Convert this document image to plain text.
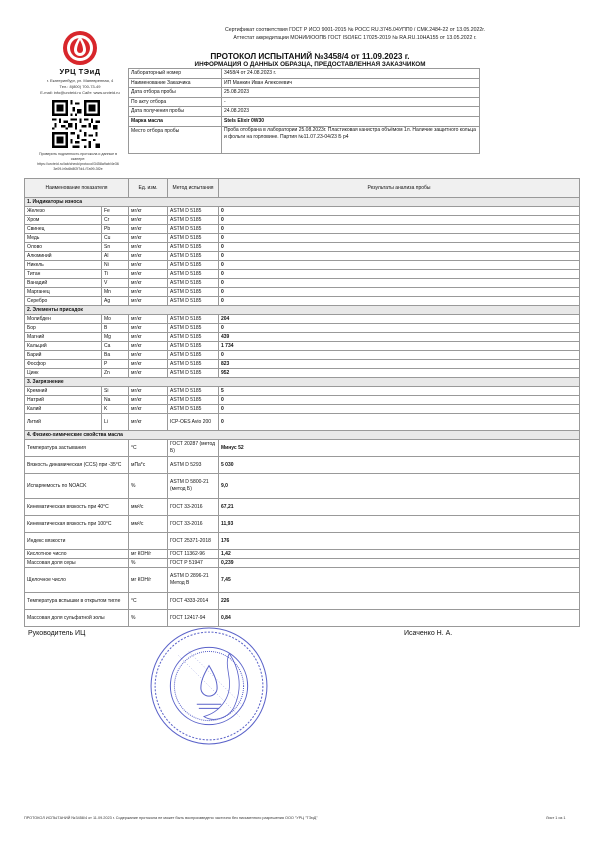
Сертификат соответствия ГОСТ Р ИСО 9001-2015 № РОСС RU.3745.04УПП0 / СМК.2484-22 от 13.05.2022г.
Аттестат аккредитации МОНИИ/ООПБ ГОСТ ISO/IEC 17025-2019 № RA.RU.10НА155 от 13.05.2022 г.
УРЦ ТЭиД
г. Екатеринбург, ул. Маневренная, 4
Тел.: 8(800) 700-73-49
E-mail: info@urcteid.ru Сайт: www.urcteid.ru
Проверить подлинность протокола и данные в
сканере:
https://urcteid.ru/lab/check/protocol/3458a9ab/4e36
3e09-b9c6b8f2f7d4-f7a99-3f2e
ПРОТОКОЛ ИСПЫТАНИЙ №3458/4 от 11.09.2023 г.
ИНФОРМАЦИЯ О ДАННЫХ ОБРАЗЦА, ПРЕДОСТАВЛЕННАЯ ЗАКАЗЧИКОМ
Лабораторный номер	3458/4 от 24.08.2023 г.
Наименование Заказчика	ИП Манкин Иван Алексеевич
Дата отбора пробы	25.08.2023
По акту отбора	-
Дата получения пробы	24.08.2023
Марка масла	Stels Elixir 0W30
Место отбора пробы	Проба отобрана в лаборатории 25.08.2023г. Пластиковая канистра объёмом 1л. Наличие защитного кольца и фольги на горловине. Партия №11.07.23-04/23 Б р4
Наименование показателя		Ед. изм.	Метод испытания	Результаты анализа пробы
1. Индикаторы износа				
Железо	Fe	мг/кг	ASTM D 5185	0
Хром	Cr	мг/кг	ASTM D 5185	0
Свинец	Pb	мг/кг	ASTM D 5185	0
Медь	Cu	мг/кг	ASTM D 5185	0
Олово	Sn	мг/кг	ASTM D 5185	0
Алюминий	Al	мг/кг	ASTM D 5185	0
Никель	Ni	мг/кг	ASTM D 5185	0
Титан	Ti	мг/кг	ASTM D 5185	0
Ванадий	V	мг/кг	ASTM D 5185	0
Марганец	Mn	мг/кг	ASTM D 5185	0
Серебро	Ag	мг/кг	ASTM D 5185	0
2. Элементы присадок				
Молибден	Mo	мг/кг	ASTM D 5185	204
Бор	B	мг/кг	ASTM D 5185	0
Магний	Mg	мг/кг	ASTM D 5185	439
Кальций	Ca	мг/кг	ASTM D 5185	1 734
Барий	Ba	мг/кг	ASTM D 5185	0
Фосфор	P	мг/кг	ASTM D 5185	823
Цинк	Zn	мг/кг	ASTM D 5185	952
3. Загрязнение				
Кремний	Si	мг/кг	ASTM D 5185	5
Натрий	Na	мг/кг	ASTM D 5185	0
Калий	K	мг/кг	ASTM D 5185	0
Литий	Li	мг/кг	ICP-OES Avio 200	0
4. Физико-химические свойства масла				
Температура застывания		°С	ГОСТ 20287 (метод Б)	Минус 52
Вязкость динамическая (CCS) при -35°С		мПа*с	ASTM D 5293	5 030
Испаряемость по NOACK		%	ASTM D 5800-21 (метод Б)	9,0
Кинематическая вязкость при 40°С		мм²/с	ГОСТ 33-2016	67,21
Кинематическая вязкость при 100°С		мм²/с	ГОСТ 33-2016	11,93
Индекс вязкости			ГОСТ 25371-2018	176
Кислотное число		мг КОН/г	ГОСТ 11362-96	1,42
Массовая доля серы		%	ГОСТ Р 51947	0,239
Щелочное число		мг КОН/г	ASTM D 2896-21 Метод B	7,45
Температура вспышки в открытом тигле		°С	ГОСТ 4333-2014	226
Массовая доля сульфатной золы		%	ГОСТ 12417-94	0,84
Руководитель ИЦ	Исаченко Н. А.
ПРОТОКОЛ ИСПЫТАНИЙ №3458/4 от 11.09.2023 г. Содержание протокола не может быть воспроизведено частично без письменного разрешения ООО "УРЦ "ТЭиД"	Лист 1 из 1
